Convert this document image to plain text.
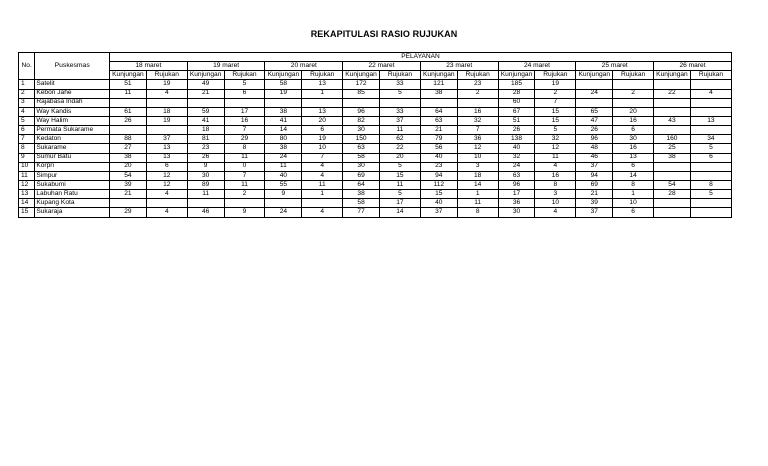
REKAPITULASI RASIO RUJUKAN
No.	Puskesmas	PELAYANAN															
		18 maret		19 maret		20 maret		22 maret		23 maret		24 maret		25 maret		26 maret	
		Kunjungan	Rujukan	Kunjungan	Rujukan	Kunjungan	Rujukan	Kunjungan	Rujukan	Kunjungan	Rujukan	Kunjungan	Rujukan	Kunjungan	Rujukan	Kunjungan	Rujukan
1	Satelit	51	19	49	5	58	13	172	33	121	23	185	19				
2	Kebon Jahe	11	4	21	6	19	1	85	5	38	2	28	2	24	2	22	4
3	Rajabasa Indah											60	7				
4	Way Kandis	61	18	59	17	38	13	96	33	64	16	67	15	65	20		
5	Way Halim	26	19	41	16	41	20	82	37	63	32	51	15	47	16	43	13
6	Permata Sukarame			18	7	14	6	30	11	21	7	26	5	26	6		
7	Kedaton	88	37	81	29	80	19	150	62	79	36	138	32	96	30	160	34
8	Sukarame	27	13	23	8	38	10	63	22	56	12	40	12	48	16	25	5
9	Sumur Batu	38	13	26	11	24	7	58	20	40	10	32	11	46	13	38	6
10	Korpri	20	6	9	0	11	4	30	5	23	3	24	4	37	6		
11	Simpur	54	12	30	7	40	4	69	15	94	18	63	16	94	14		
12	Sukabumi	39	12	89	11	55	11	64	11	112	14	96	8	69	8	54	8
13	Labuhan Ratu	21	4	11	2	9	1	38	5	15	1	17	3	21	1	28	5
14	Kupang Kota							58	17	40	11	36	10	39	10		
15	Sukaraja	29	4	46	9	24	4	77	14	37	8	30	4	37	6		
